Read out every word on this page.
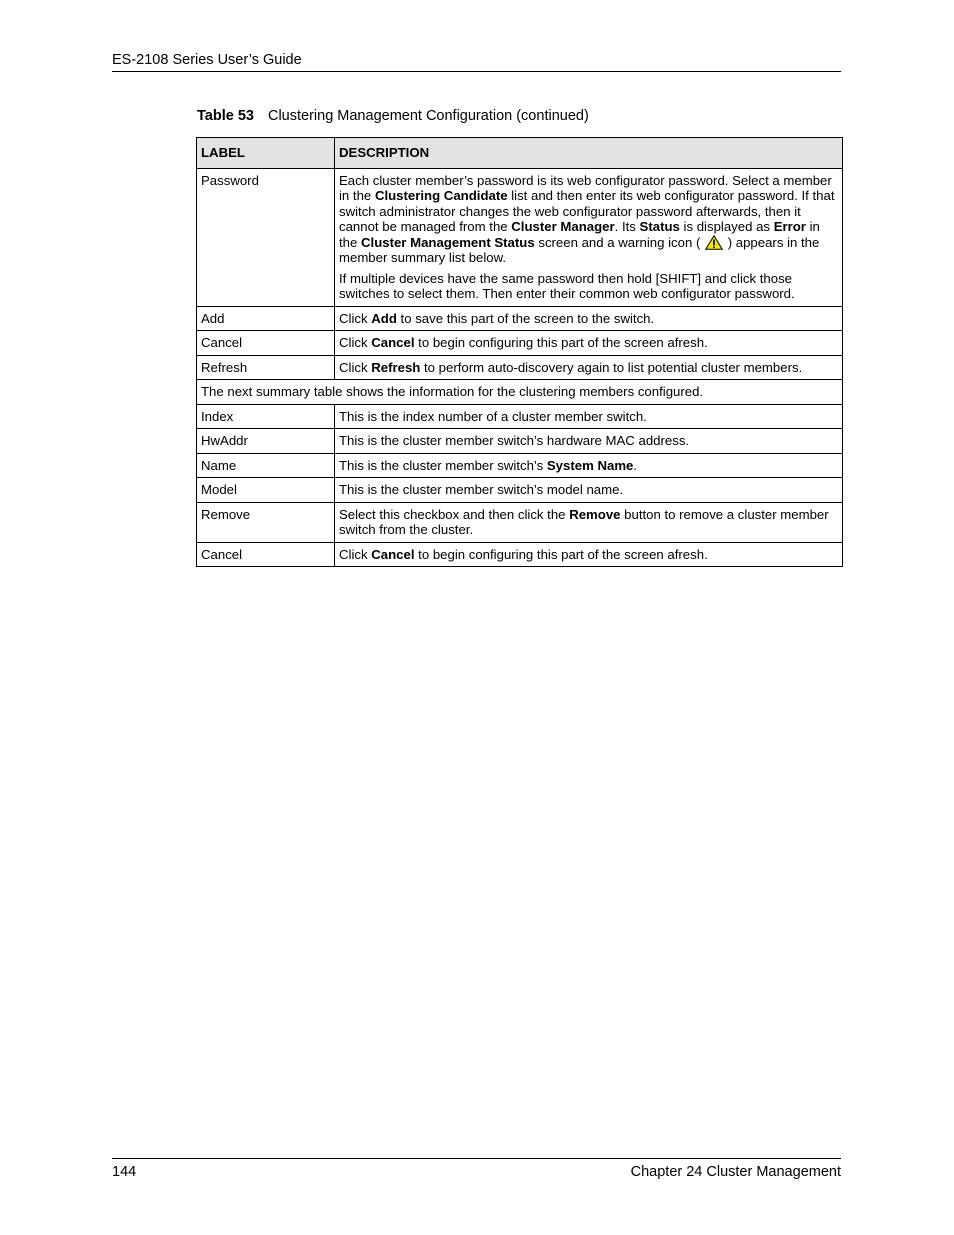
ES-2108 Series User’s Guide
Table 53 Clustering Management Configuration (continued)
LABEL	DESCRIPTION
Password	Each cluster member’s password is its web configurator password. Select a member in the Clustering Candidate list and then enter its web configurator password. If that switch administrator changes the web configurator password afterwards, then it cannot be managed from the Cluster Manager. Its Status is displayed as Error in the Cluster Management Status screen and a warning icon (  ) appears in the member summary list below.

If multiple devices have the same password then hold [SHIFT] and click those switches to select them. Then enter their common web configurator password.

Add	Click Add to save this part of the screen to the switch.
Cancel	Click Cancel to begin configuring this part of the screen afresh.
Refresh	Click Refresh to perform auto-discovery again to list potential cluster members.
The next summary table shows the information for the clustering members configured.	
Index	This is the index number of a cluster member switch.
HwAddr	This is the cluster member switch’s hardware MAC address.
Name	This is the cluster member switch’s System Name.
Model	This is the cluster member switch’s model name.
Remove	Select this checkbox and then click the Remove button to remove a cluster member switch from the cluster.
Cancel	Click Cancel to begin configuring this part of the screen afresh.
144	Chapter 24 Cluster Management
